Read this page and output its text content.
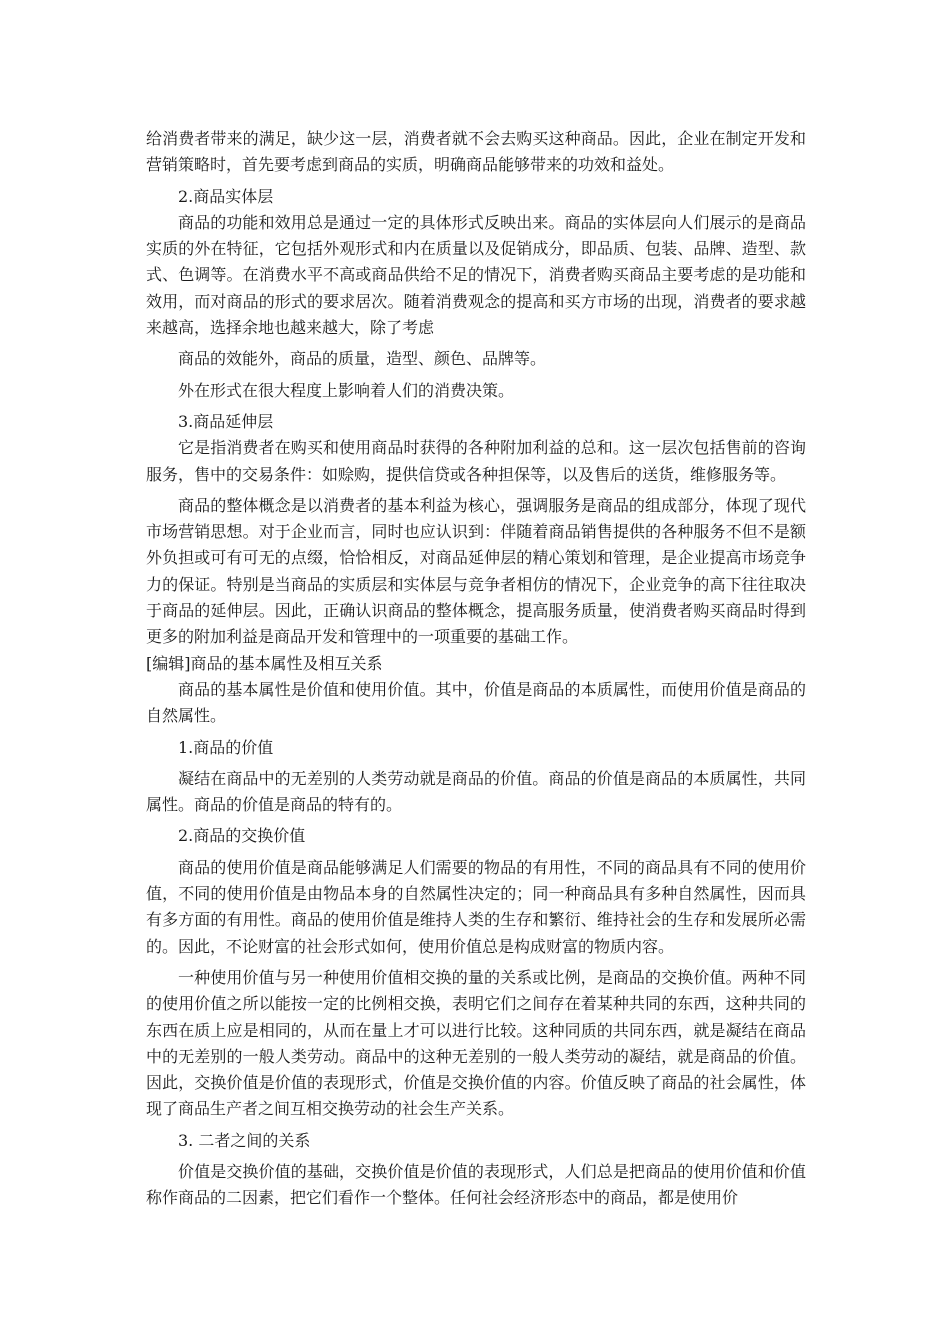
给消费者带来的满足，缺少这一层，消费者就不会去购买这种商品。因此，企业在制定开发和营销策略时，首先要考虑到商品的实质，明确商品能够带来的功效和益处。

2.商品实体层

商品的功能和效用总是通过一定的具体形式反映出来。商品的实体层向人们展示的是商品实质的外在特征，它包括外观形式和内在质量以及促销成分，即品质、包装、品牌、造型、款式、色调等。在消费水平不高或商品供给不足的情况下，消费者购买商品主要考虑的是功能和效用，而对商品的形式的要求居次。随着消费观念的提高和买方市场的出现，消费者的要求越来越高，选择余地也越来越大，除了考虑

商品的效能外，商品的质量，造型、颜色、品牌等。

外在形式在很大程度上影响着人们的消费决策。

3.商品延伸层

它是指消费者在购买和使用商品时获得的各种附加利益的总和。这一层次包括售前的咨询服务，售中的交易条件：如赊购，提供信贷或各种担保等，以及售后的送货，维修服务等。

商品的整体概念是以消费者的基本利益为核心，强调服务是商品的组成部分，体现了现代市场营销思想。对于企业而言，同时也应认识到：伴随着商品销售提供的各种服务不但不是额外负担或可有可无的点缀，恰恰相反，对商品延伸层的精心策划和管理，是企业提高市场竞争力的保证。特别是当商品的实质层和实体层与竞争者相仿的情况下，企业竞争的高下往往取决于商品的延伸层。因此，正确认识商品的整体概念，提高服务质量，使消费者购买商品时得到更多的附加利益是商品开发和管理中的一项重要的基础工作。

[编辑]商品的基本属性及相互关系

商品的基本属性是价值和使用价值。其中，价值是商品的本质属性，而使用价值是商品的自然属性。

1.商品的价值

凝结在商品中的无差别的人类劳动就是商品的价值。商品的价值是商品的本质属性，共同属性。商品的价值是商品的特有的。

2.商品的交换价值

商品的使用价值是商品能够满足人们需要的物品的有用性，不同的商品具有不同的使用价值，不同的使用价值是由物品本身的自然属性决定的；同一种商品具有多种自然属性，因而具有多方面的有用性。商品的使用价值是维持人类的生存和繁衍、维持社会的生存和发展所必需的。因此，不论财富的社会形式如何，使用价值总是构成财富的物质内容。

一种使用价值与另一种使用价值相交换的量的关系或比例，是商品的交换价值。两种不同的使用价值之所以能按一定的比例相交换，表明它们之间存在着某种共同的东西，这种共同的东西在质上应是相同的，从而在量上才可以进行比较。这种同质的共同东西，就是凝结在商品中的无差别的一般人类劳动。商品中的这种无差别的一般人类劳动的凝结，就是商品的价值。因此，交换价值是价值的表现形式，价值是交换价值的内容。价值反映了商品的社会属性，体现了商品生产者之间互相交换劳动的社会生产关系。

3. 二者之间的关系

价值是交换价值的基础，交换价值是价值的表现形式，人们总是把商品的使用价值和价值称作商品的二因素，把它们看作一个整体。任何社会经济形态中的商品，都是使用价
